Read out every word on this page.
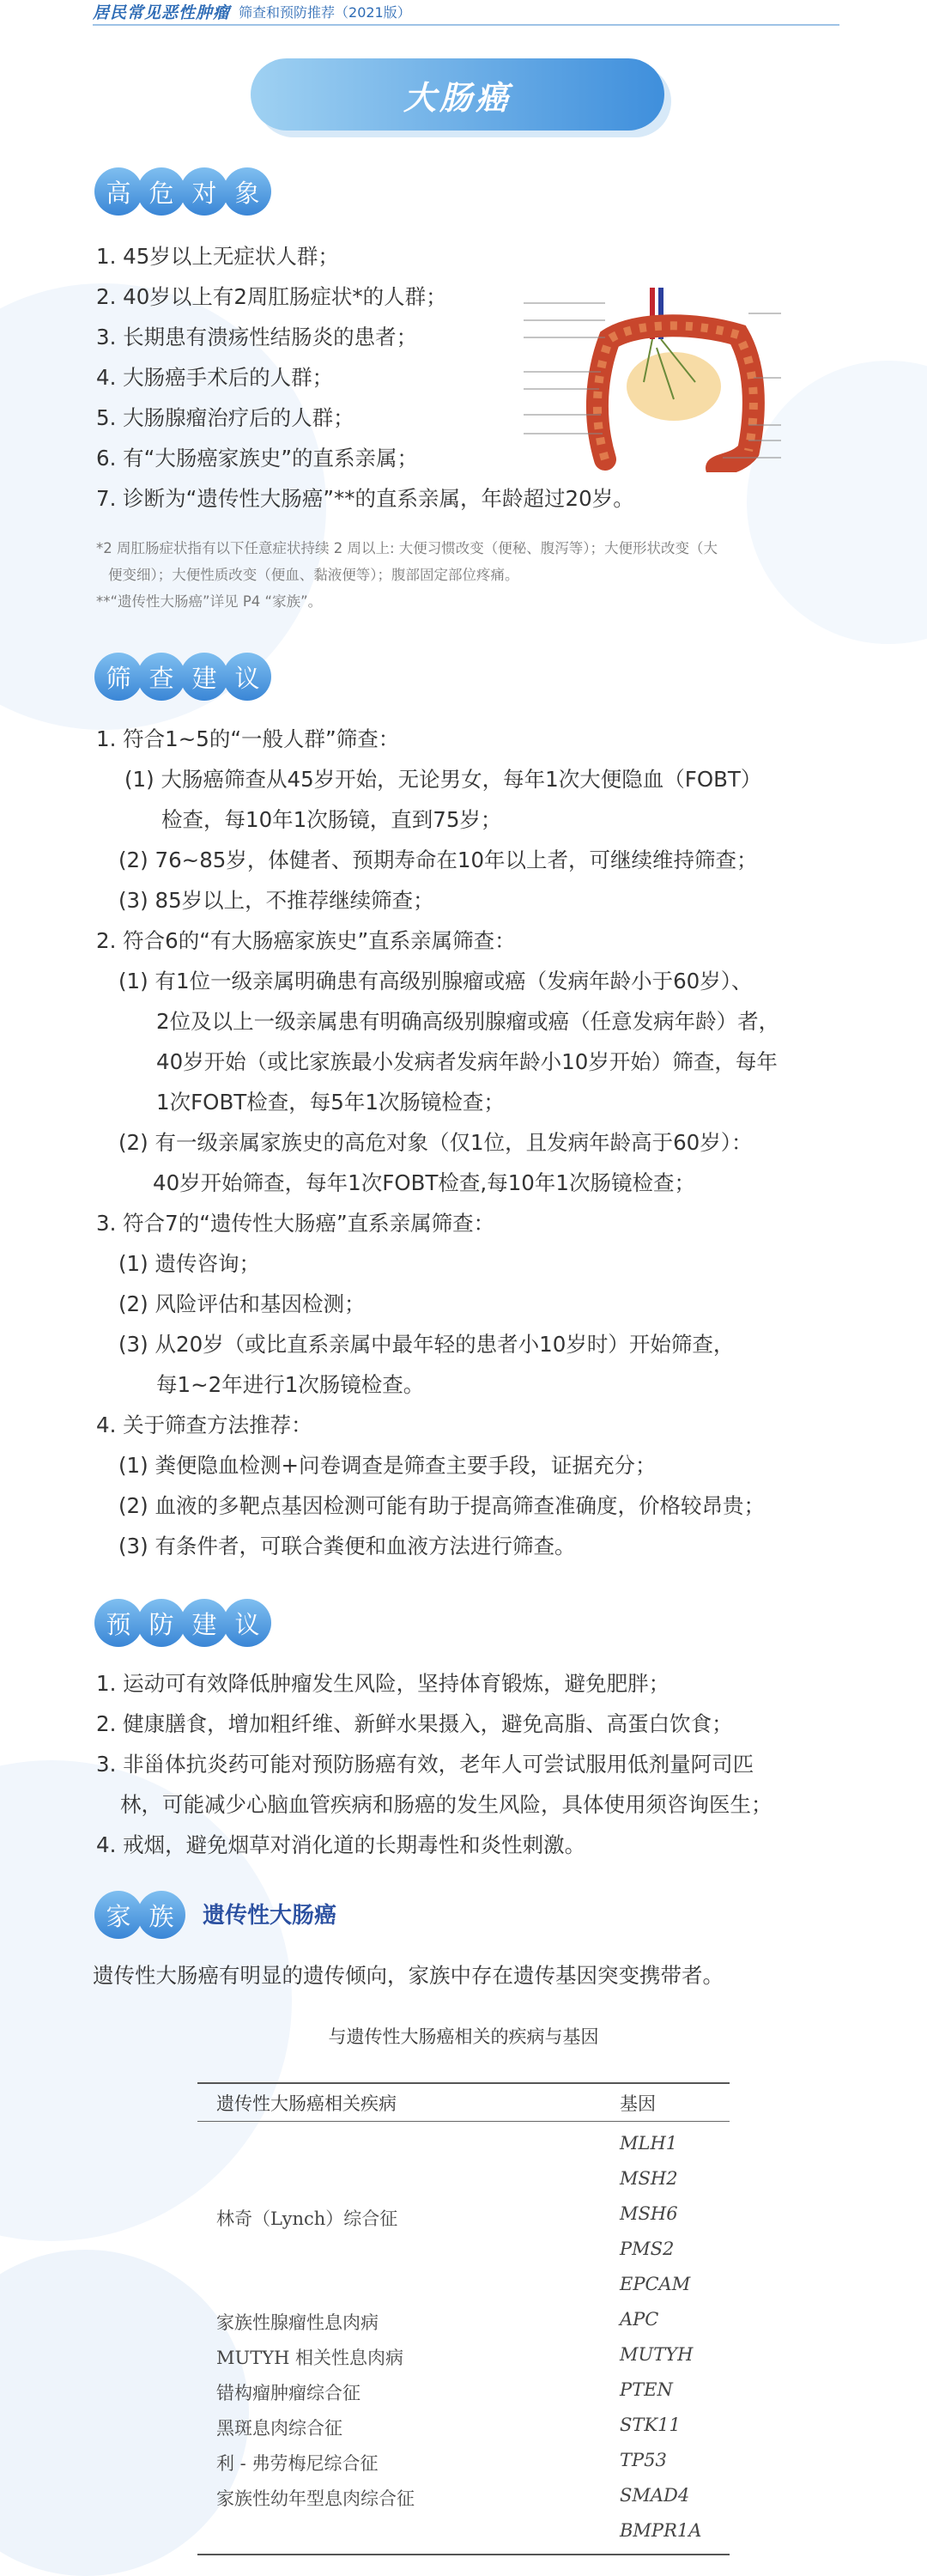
居民常见恶性肿瘤 筛查和预防推荐（2021版）
大肠癌
高 危 对 象
1. 45岁以上无症状人群；
2. 40岁以上有2周肛肠症状*的人群；
3. 长期患有溃疡性结肠炎的患者；
4. 大肠癌手术后的人群；
5. 大肠腺瘤治疗后的人群；
6. 有“大肠癌家族史”的直系亲属；
7. 诊断为“遗传性大肠癌”**的直系亲属，年龄超过20岁。
*2 周肛肠症状指有以下任意症状持续 2 周以上: 大便习惯改变（便秘、腹泻等）；大便形状改变（大
便变细）；大便性质改变（便血、黏液便等）；腹部固定部位疼痛。
**“遗传性大肠癌”详见 P4 “家族”。
筛 查 建 议
1. 符合1~5的“一般人群”筛查：
(1) 大肠癌筛查从45岁开始，无论男女，每年1次大便隐血（FOBT）
检查，每10年1次肠镜，直到75岁；
(2) 76~85岁，体健者、预期寿命在10年以上者，可继续维持筛查；
(3) 85岁以上，不推荐继续筛查；
2. 符合6的“有大肠癌家族史”直系亲属筛查：
(1) 有1位一级亲属明确患有高级别腺瘤或癌（发病年龄小于60岁）、
2位及以上一级亲属患有明确高级别腺瘤或癌（任意发病年龄）者，
40岁开始（或比家族最小发病者发病年龄小10岁开始）筛查，每年
1次FOBT检查，每5年1次肠镜检查；
(2) 有一级亲属家族史的高危对象（仅1位，且发病年龄高于60岁）：
40岁开始筛查，每年1次FOBT检查,每10年1次肠镜检查；
3. 符合7的“遗传性大肠癌”直系亲属筛查：
(1) 遗传咨询；
(2) 风险评估和基因检测；
(3) 从20岁（或比直系亲属中最年轻的患者小10岁时）开始筛查，
每1~2年进行1次肠镜检查。
4. 关于筛查方法推荐：
(1) 粪便隐血检测+问卷调查是筛查主要手段，证据充分；
(2) 血液的多靶点基因检测可能有助于提高筛查准确度，价格较昂贵；
(3) 有条件者，可联合粪便和血液方法进行筛查。
预 防 建 议
1. 运动可有效降低肿瘤发生风险，坚持体育锻炼，避免肥胖；
2. 健康膳食，增加粗纤维、新鲜水果摄入，避免高脂、高蛋白饮食；
3. 非甾体抗炎药可能对预防肠癌有效，老年人可尝试服用低剂量阿司匹
林，可能减少心脑血管疾病和肠癌的发生风险，具体使用须咨询医生；
4. 戒烟，避免烟草对消化道的长期毒性和炎性刺激。
家 族	遗传性大肠癌
遗传性大肠癌有明显的遗传倾向，家族中存在遗传基因突变携带者。
与遗传性大肠癌相关的疾病与基因
遗传性大肠癌相关疾病	基因
林奇（Lynch）综合征
MLH1
MSH2
MSH6
PMS2
EPCAM
家族性腺瘤性息肉病	APC
MUTYH 相关性息肉病	MUTYH
错构瘤肿瘤综合征	PTEN
黑斑息肉综合征	STK11
利 - 弗劳梅尼综合征	TP53
家族性幼年型息肉综合征	SMAD4
BMPR1A
